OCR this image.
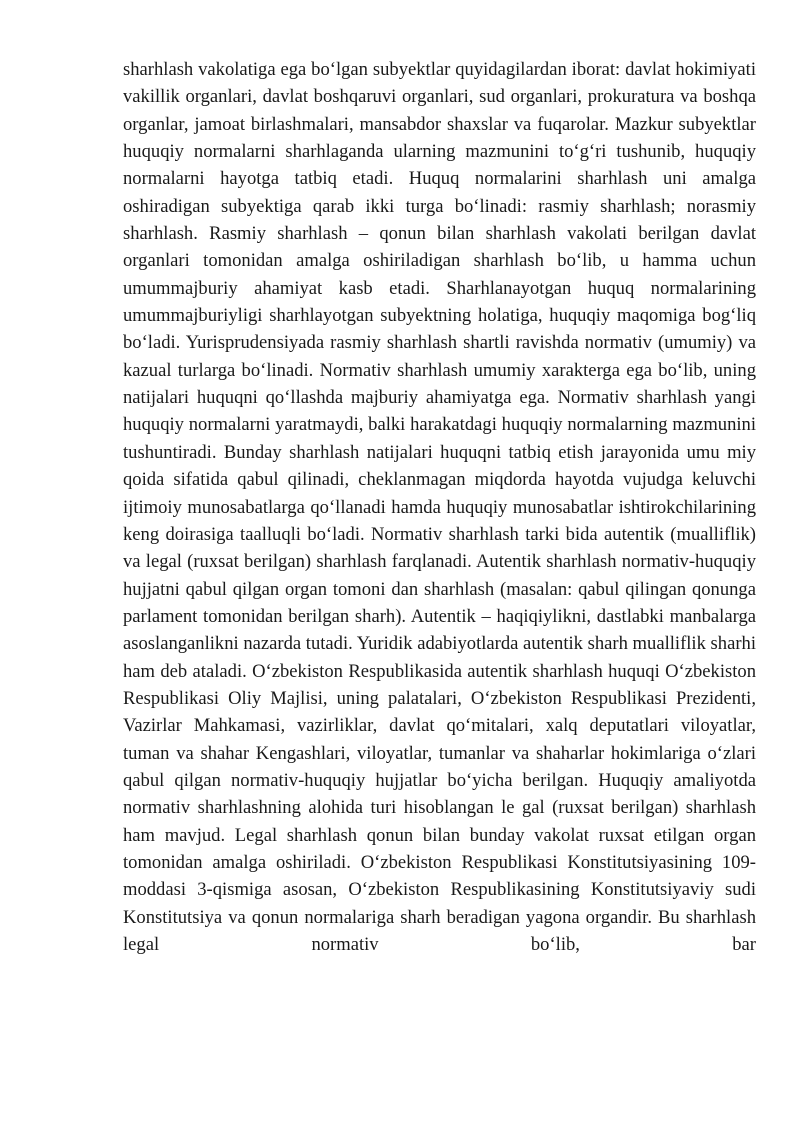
sharhlash vakolatiga ega bo‘lgan subyektlar quyidagilardan iborat: davlat hokimiyati vakillik organlari, davlat boshqaruvi organlari, sud organlari, prokuratura va boshqa organlar, jamoat birlashmalari, mansabdor shaxslar va fuqarolar. Mazkur subyektlar huquqiy normalarni sharhlaganda ularning mazmunini to‘g‘ri tushunib, huquqiy normalarni hayotga tatbiq etadi. Huquq normalarini sharhlash uni amalga oshiradigan subyektiga qarab ikki turga bo‘linadi: rasmiy sharhlash; norasmiy sharhlash. Rasmiy sharhlash – qonun bilan sharhlash vakolati berilgan davlat organlari tomonidan amalga oshiriladigan sharhlash bo‘lib, u hamma uchun umummajburiy ahamiyat kasb etadi. Sharhlanayotgan huquq normalarining umummajburiyligi sharhlayotgan subyektning holatiga, huquqiy maqomiga bog‘liq bo‘ladi. Yurisprudensiyada rasmiy sharhlash shartli ravishda normativ (umumiy) va kazual turlarga bo‘linadi. Normativ sharhlash umumiy xarakterga ega bo‘lib, uning natijalari huquqni qo‘llashda majburiy ahamiyatga ega. Normativ sharhlash yangi huquqiy normalarni yaratmaydi, balki harakatdagi huquqiy normalarning mazmunini tushuntiradi. Bunday sharhlash natijalari huquqni tatbiq etish jarayonida umu miy qoida sifatida qabul qilinadi, cheklanmagan miqdorda hayotda vujudga keluvchi ijtimoiy munosabatlarga qo‘llanadi hamda huquqiy munosabatlar ishtirokchilarining keng doirasiga taalluqli bo‘ladi. Normativ sharhlash tarki bida autentik (mualliflik) va legal (ruxsat berilgan) sharhlash farqlanadi. Autentik sharhlash normativ-huquqiy hujjatni qabul qilgan organ tomoni dan sharhlash (masalan: qabul qilingan qonunga parlament tomonidan berilgan sharh). Autentik – haqiqiylikni, dastlabki manbalarga asoslanganlikni nazarda tutadi. Yuridik adabiyotlarda autentik sharh mualliflik sharhi ham deb ataladi. O‘zbekiston Respublikasida autentik sharhlash huquqi O‘zbekiston Respublikasi Oliy Majlisi, uning palatalari, O‘zbekiston Respublikasi Prezidenti, Vazirlar Mahkamasi, vazirliklar, davlat qo‘mitalari, xalq deputatlari viloyatlar, tuman va shahar Kengashlari, viloyatlar, tumanlar va shaharlar hokimlariga o‘zlari qabul qilgan normativ-huquqiy hujjatlar bo‘yicha berilgan. Huquqiy amaliyotda normativ sharhlashning alohida turi hisoblangan le gal (ruxsat berilgan) sharhlash ham mavjud. Legal sharhlash qonun bilan bunday vakolat ruxsat etilgan organ tomonidan amalga oshiriladi. O‘zbekiston Respublikasi Konstitutsiyasining 109-moddasi 3-qismiga asosan, O‘zbekiston Respublikasining Konstitutsiyaviy sudi Konstitutsiya va qonun normalariga sharh beradigan yagona organdir. Bu sharhlash legal normativ bo‘lib, bar
